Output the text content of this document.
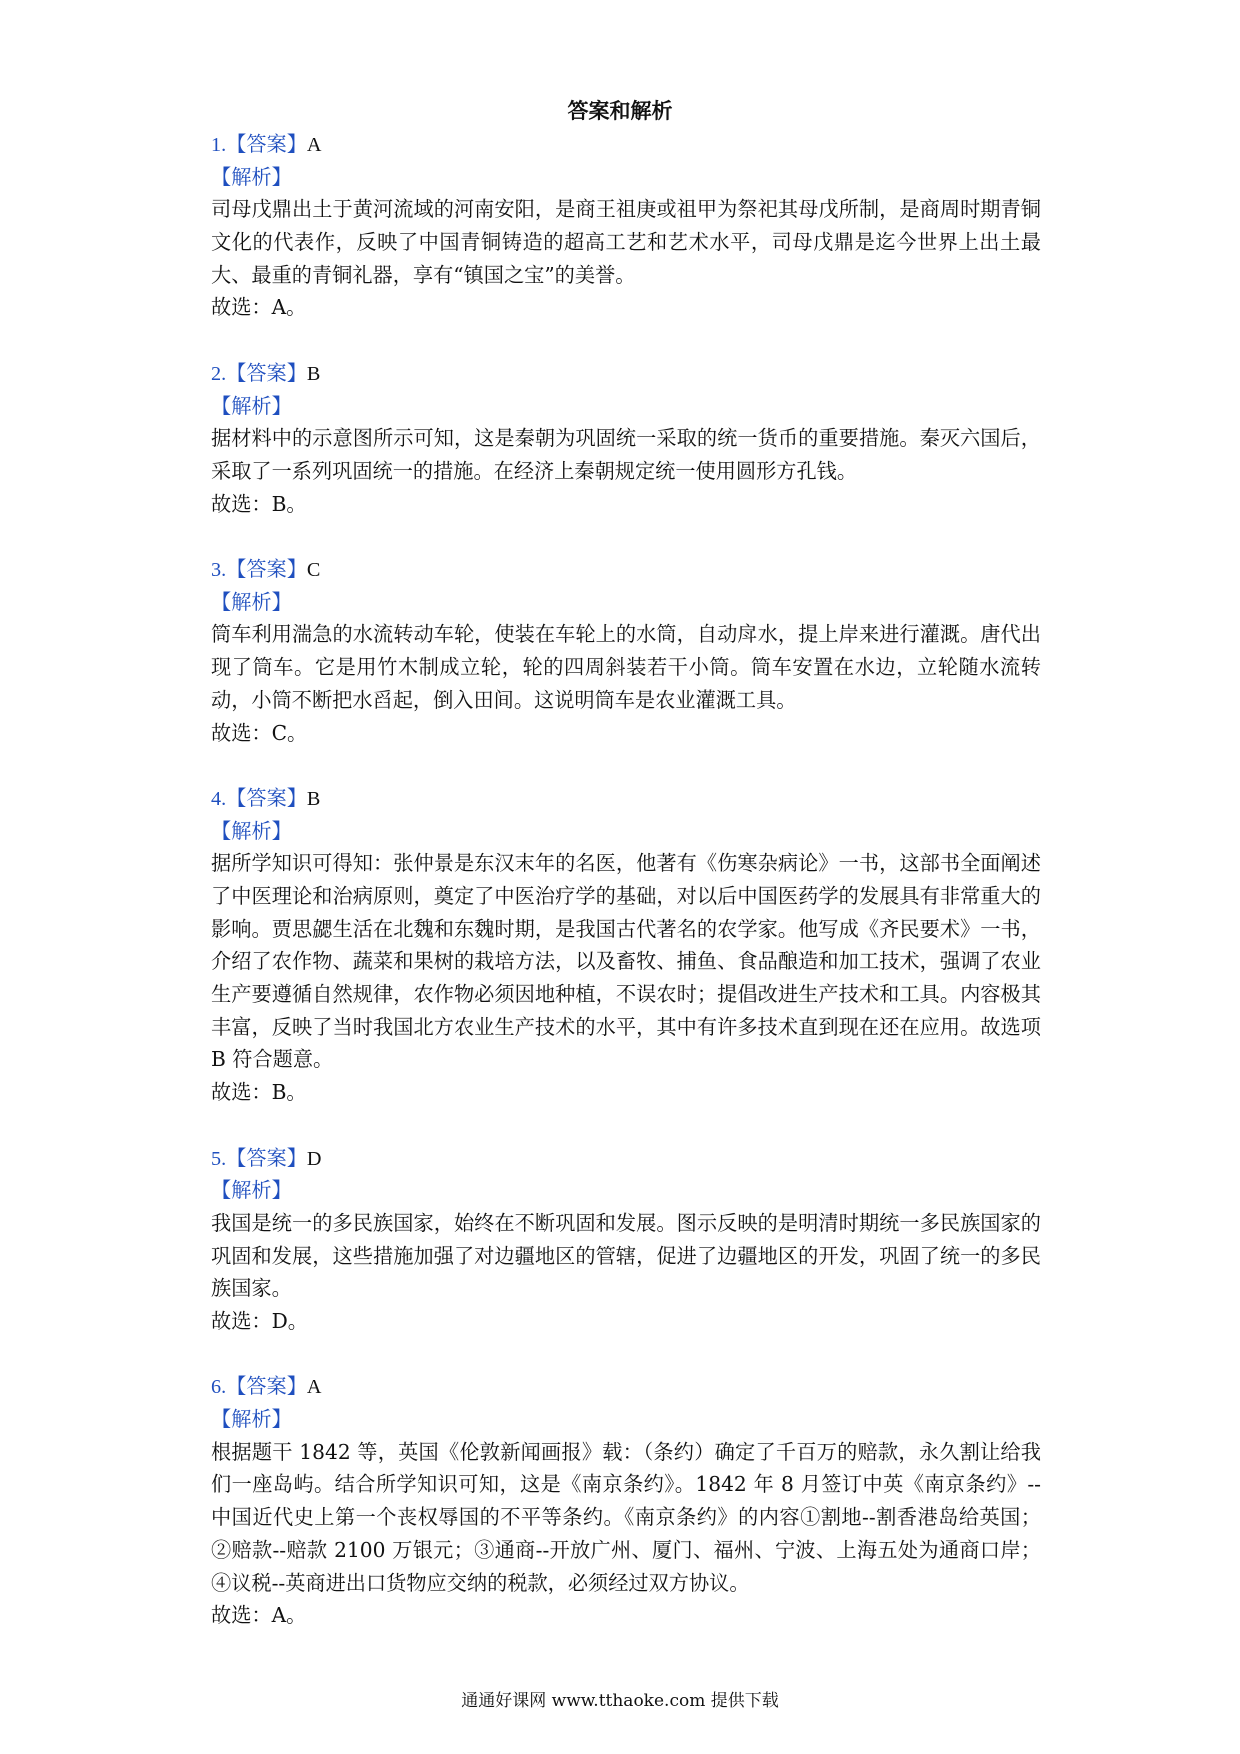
答案和解析
1.【答案】A
【解析】
司母戊鼎出土于黄河流域的河南安阳，是商王祖庚或祖甲为祭祀其母戊所制，是商周时期青铜文化的代表作，反映了中国青铜铸造的超高工艺和艺术水平，司母戊鼎是迄今世界上出土最大、最重的青铜礼器，享有“镇国之宝”的美誉。
故选：A。
2.【答案】B
【解析】
据材料中的示意图所示可知，这是秦朝为巩固统一采取的统一货币的重要措施。秦灭六国后，采取了一系列巩固统一的措施。在经济上秦朝规定统一使用圆形方孔钱。
故选：B。
3.【答案】C
【解析】
筒车利用湍急的水流转动车轮，使装在车轮上的水筒，自动戽水，提上岸来进行灌溉。唐代出现了筒车。它是用竹木制成立轮，轮的四周斜装若干小筒。筒车安置在水边，立轮随水流转动，小筒不断把水舀起，倒入田间。这说明筒车是农业灌溉工具。
故选：C。
4.【答案】B
【解析】
据所学知识可得知：张仲景是东汉末年的名医，他著有《伤寒杂病论》一书，这部书全面阐述了中医理论和治病原则，奠定了中医治疗学的基础，对以后中国医药学的发展具有非常重大的影响。贾思勰生活在北魏和东魏时期，是我国古代著名的农学家。他写成《齐民要术》一书，介绍了农作物、蔬菜和果树的栽培方法，以及畜牧、捕鱼、食品酿造和加工技术，强调了农业生产要遵循自然规律，农作物必须因地种植，不误农时；提倡改进生产技术和工具。内容极其丰富，反映了当时我国北方农业生产技术的水平，其中有许多技术直到现在还在应用。故选项 B 符合题意。
故选：B。
5.【答案】D
【解析】
我国是统一的多民族国家，始终在不断巩固和发展。图示反映的是明清时期统一多民族国家的巩固和发展，这些措施加强了对边疆地区的管辖，促进了边疆地区的开发，巩固了统一的多民族国家。
故选：D。
6.【答案】A
【解析】
根据题干 1842 等，英国《伦敦新闻画报》载：（条约）确定了千百万的赔款，永久割让给我们一座岛屿。结合所学知识可知，这是《南京条约》。1842 年 8 月签订中英《南京条约》--中国近代史上第一个丧权辱国的不平等条约。《南京条约》的内容①割地--割香港岛给英国；②赔款--赔款 2100 万银元；③通商--开放广州、厦门、福州、宁波、上海五处为通商口岸；④议税--英商进出口货物应交纳的税款，必须经过双方协议。
故选：A。
通通好课网 www.tthaoke.com 提供下载
